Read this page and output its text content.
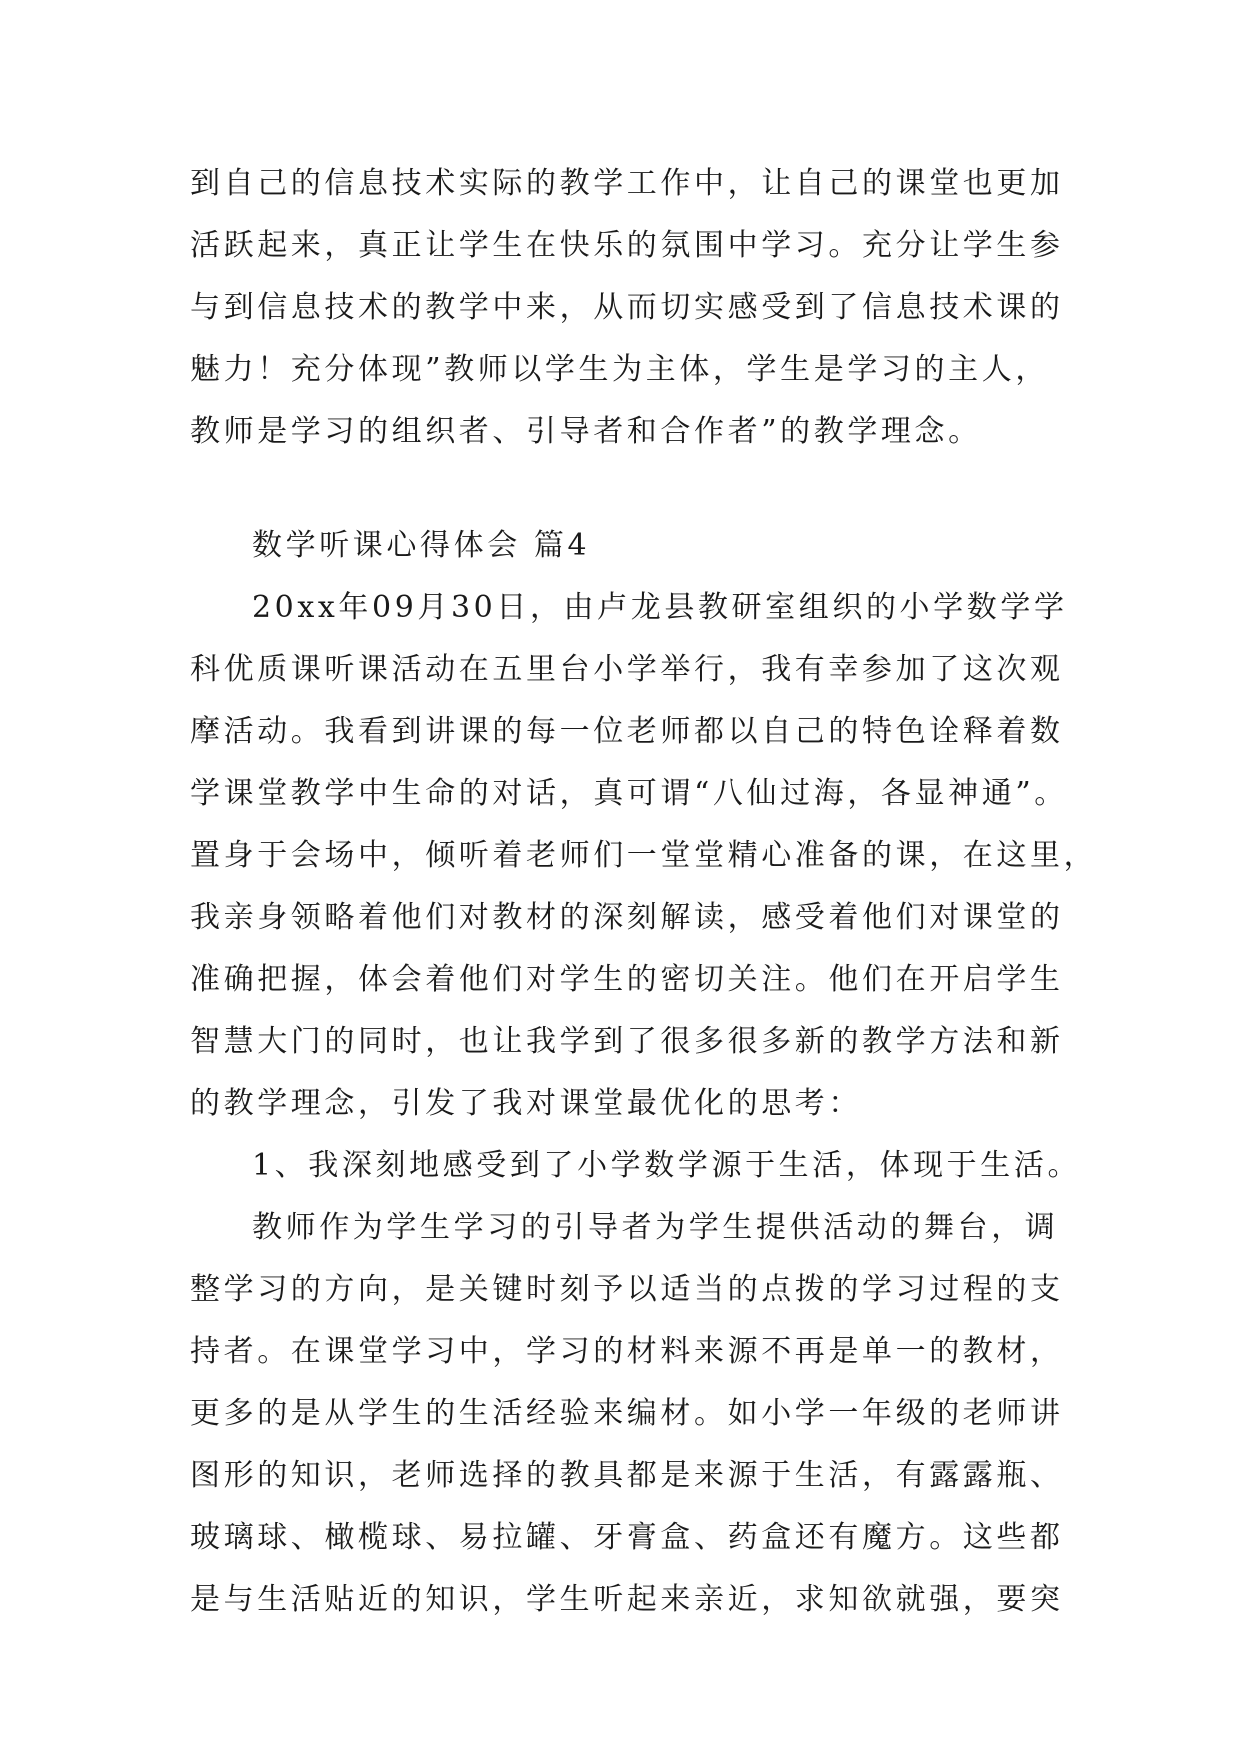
到自己的信息技术实际的教学工作中，让自己的课堂也更加
活跃起来，真正让学生在快乐的氛围中学习。充分让学生参
与到信息技术的教学中来，从而切实感受到了信息技术课的
魅力！充分体现”教师以学生为主体，学生是学习的主人，
教师是学习的组织者、引导者和合作者”的教学理念。
数学听课心得体会 篇4
20xx年09月30日，由卢龙县教研室组织的小学数学学
科优质课听课活动在五里台小学举行，我有幸参加了这次观
摩活动。我看到讲课的每一位老师都以自己的特色诠释着数
学课堂教学中生命的对话，真可谓“八仙过海，各显神通”。
置身于会场中，倾听着老师们一堂堂精心准备的课，在这里，
我亲身领略着他们对教材的深刻解读，感受着他们对课堂的
准确把握，体会着他们对学生的密切关注。他们在开启学生
智慧大门的同时，也让我学到了很多很多新的教学方法和新
的教学理念，引发了我对课堂最优化的思考：
1、我深刻地感受到了小学数学源于生活，体现于生活。
教师作为学生学习的引导者为学生提供活动的舞台，调
整学习的方向，是关键时刻予以适当的点拨的学习过程的支
持者。在课堂学习中，学习的材料来源不再是单一的教材，
更多的是从学生的生活经验来编材。如小学一年级的老师讲
图形的知识，老师选择的教具都是来源于生活，有露露瓶、
玻璃球、橄榄球、易拉罐、牙膏盒、药盒还有魔方。这些都
是与生活贴近的知识，学生听起来亲近，求知欲就强，要突
